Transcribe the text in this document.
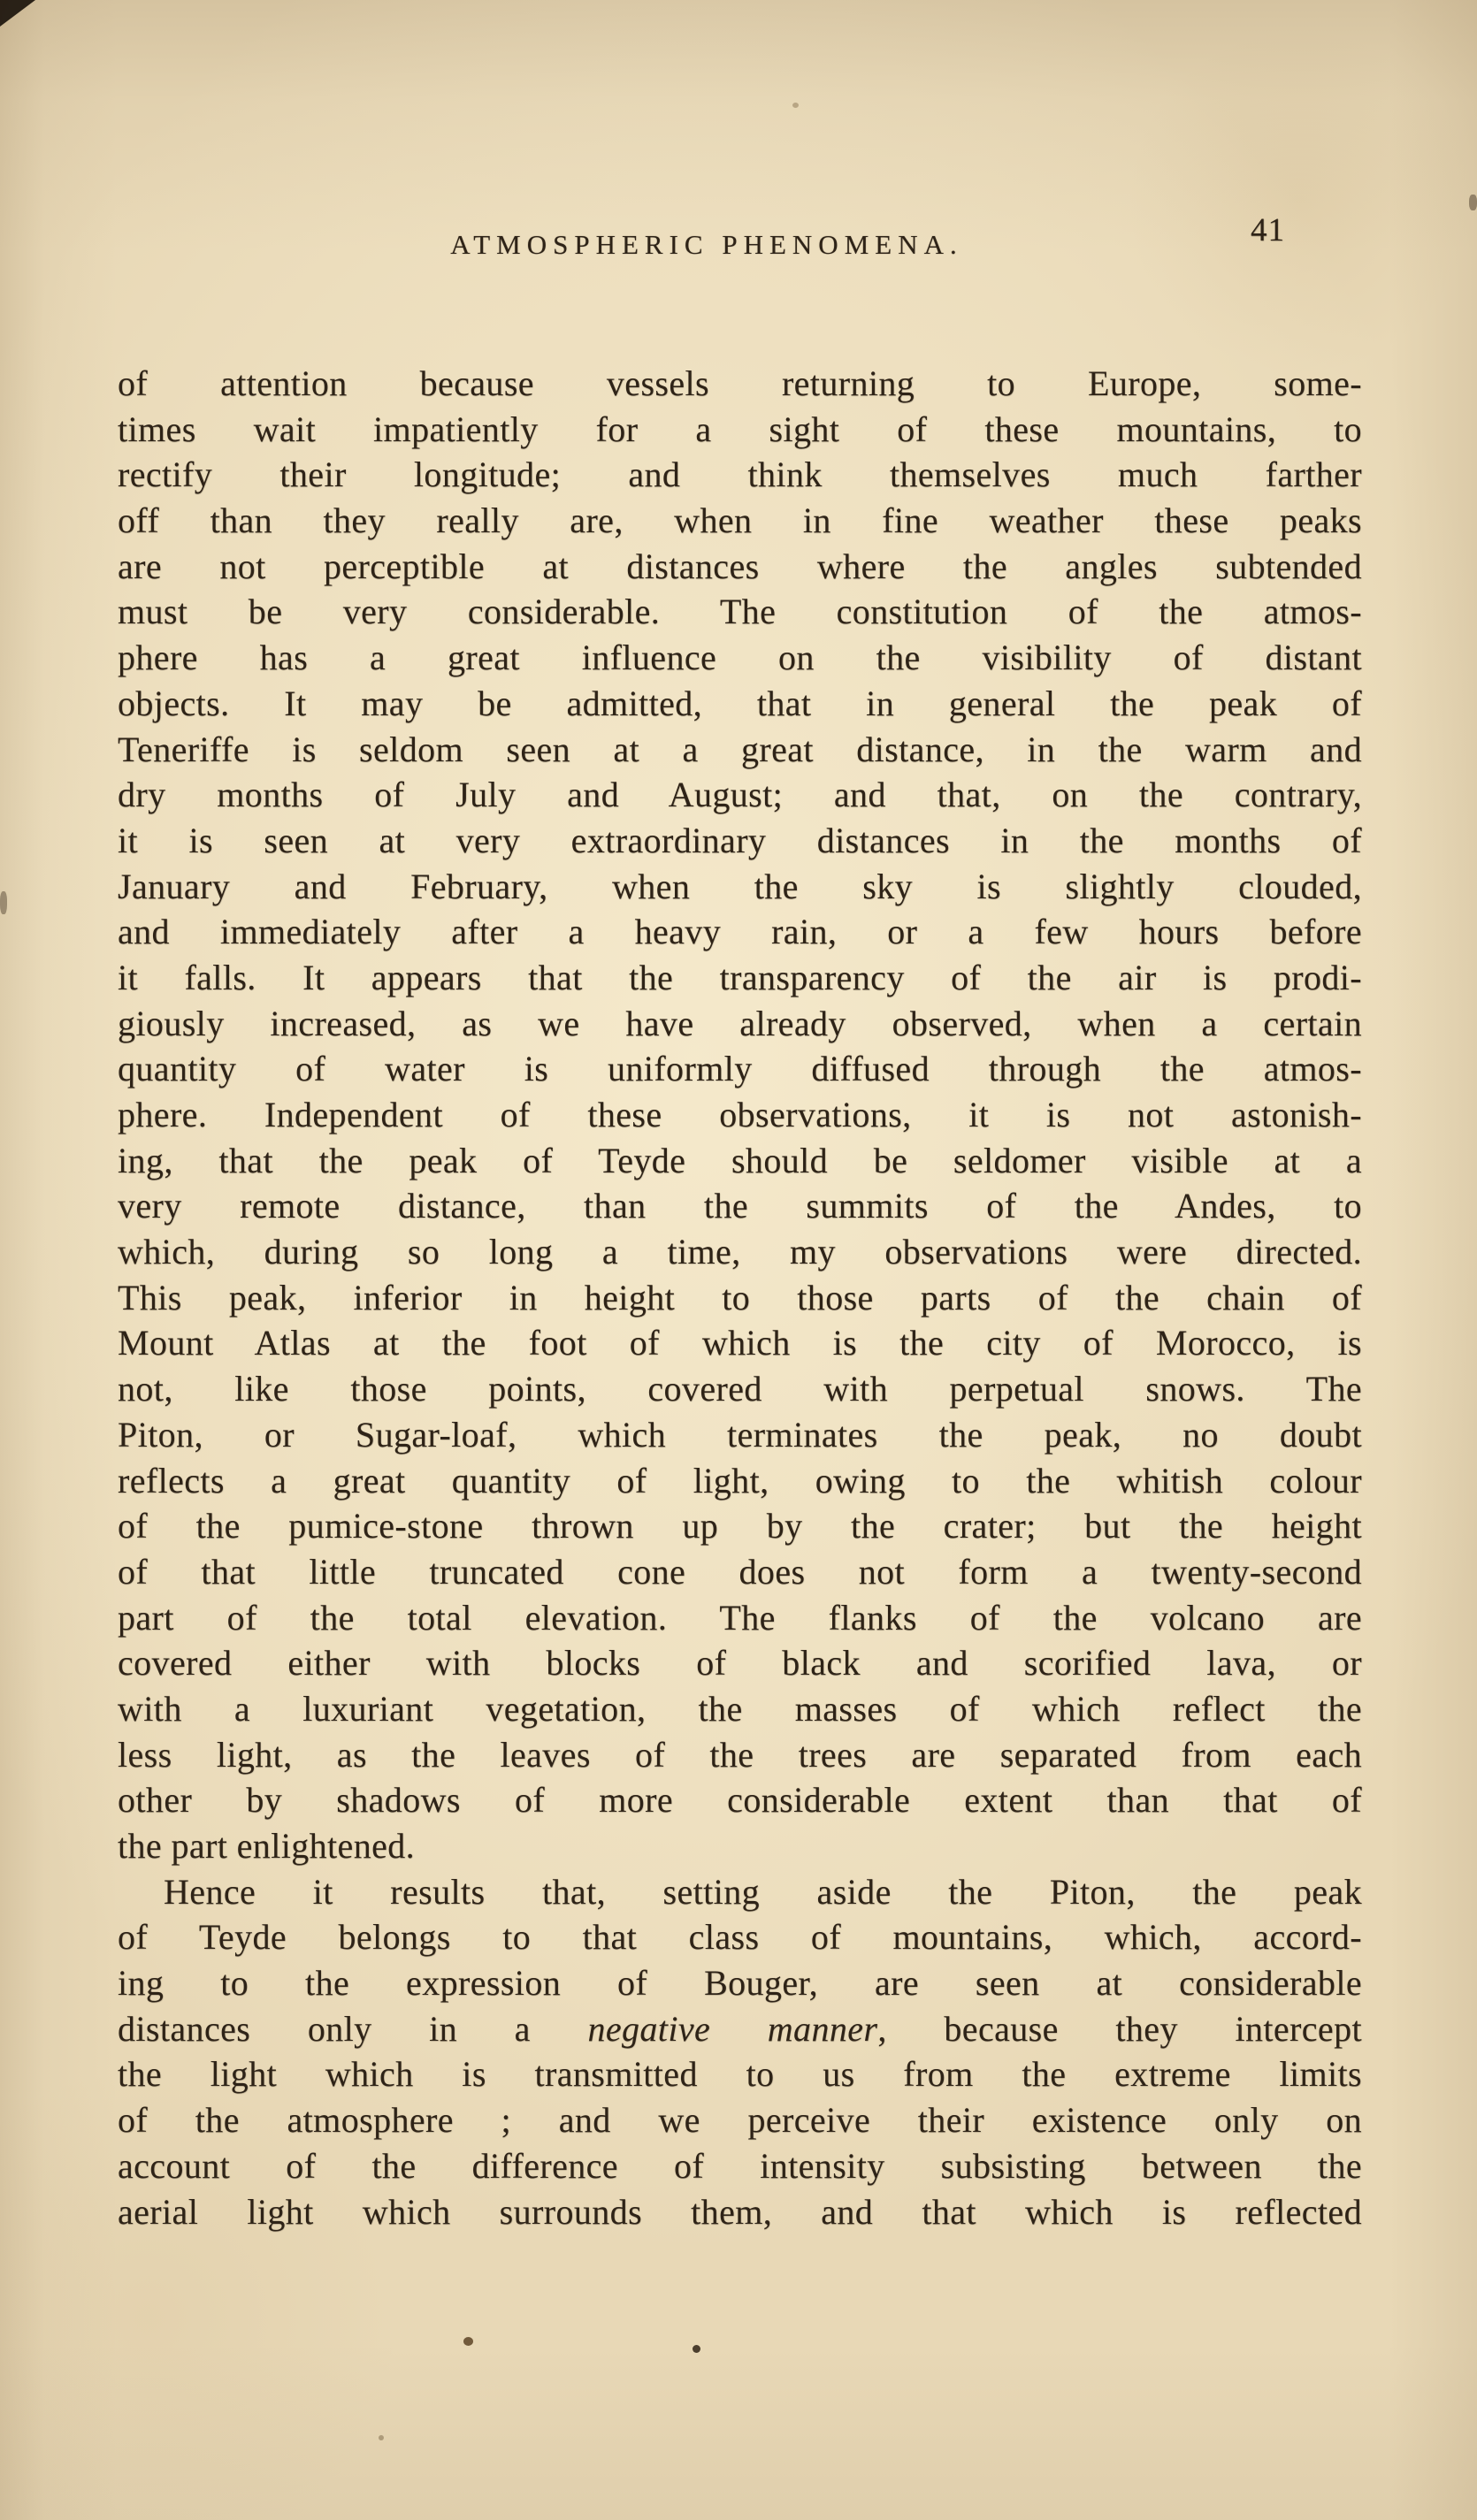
ATMOSPHERIC PHENOMENA.	41
of attention because vessels returning to Europe, some-
times wait impatiently for a sight of these mountains, to
rectify their longitude; and think themselves much farther
off than they really are, when in fine weather these peaks
are not perceptible at distances where the angles subtended
must be very considerable. The constitution of the atmos-
phere has a great influence on the visibility of distant
objects. It may be admitted, that in general the peak of
Teneriffe is seldom seen at a great distance, in the warm and
dry months of July and August; and that, on the contrary,
it is seen at very extraordinary distances in the months of
January and February, when the sky is slightly clouded,
and immediately after a heavy rain, or a few hours before
it falls. It appears that the transparency of the air is prodi-
giously increased, as we have already observed, when a certain
quantity of water is uniformly diffused through the atmos-
phere. Independent of these observations, it is not astonish-
ing, that the peak of Teyde should be seldomer visible at a
very remote distance, than the summits of the Andes, to
which, during so long a time, my observations were directed.
This peak, inferior in height to those parts of the chain of
Mount Atlas at the foot of which is the city of Morocco, is
not, like those points, covered with perpetual snows. The
Piton, or Sugar-loaf, which terminates the peak, no doubt
reflects a great quantity of light, owing to the whitish colour
of the pumice-stone thrown up by the crater; but the height
of that little truncated cone does not form a twenty-second
part of the total elevation. The flanks of the volcano are
covered either with blocks of black and scorified lava, or
with a luxuriant vegetation, the masses of which reflect the
less light, as the leaves of the trees are separated from each
other by shadows of more considerable extent than that of
the part enlightened.
Hence it results that, setting aside the Piton, the peak
of Teyde belongs to that class of mountains, which, accord-
ing to the expression of Bouger, are seen at considerable
distances only in a negative manner, because they intercept
the light which is transmitted to us from the extreme limits
of the atmosphere ; and we perceive their existence only on
account of the difference of intensity subsisting between the
aerial light which surrounds them, and that which is reflected
